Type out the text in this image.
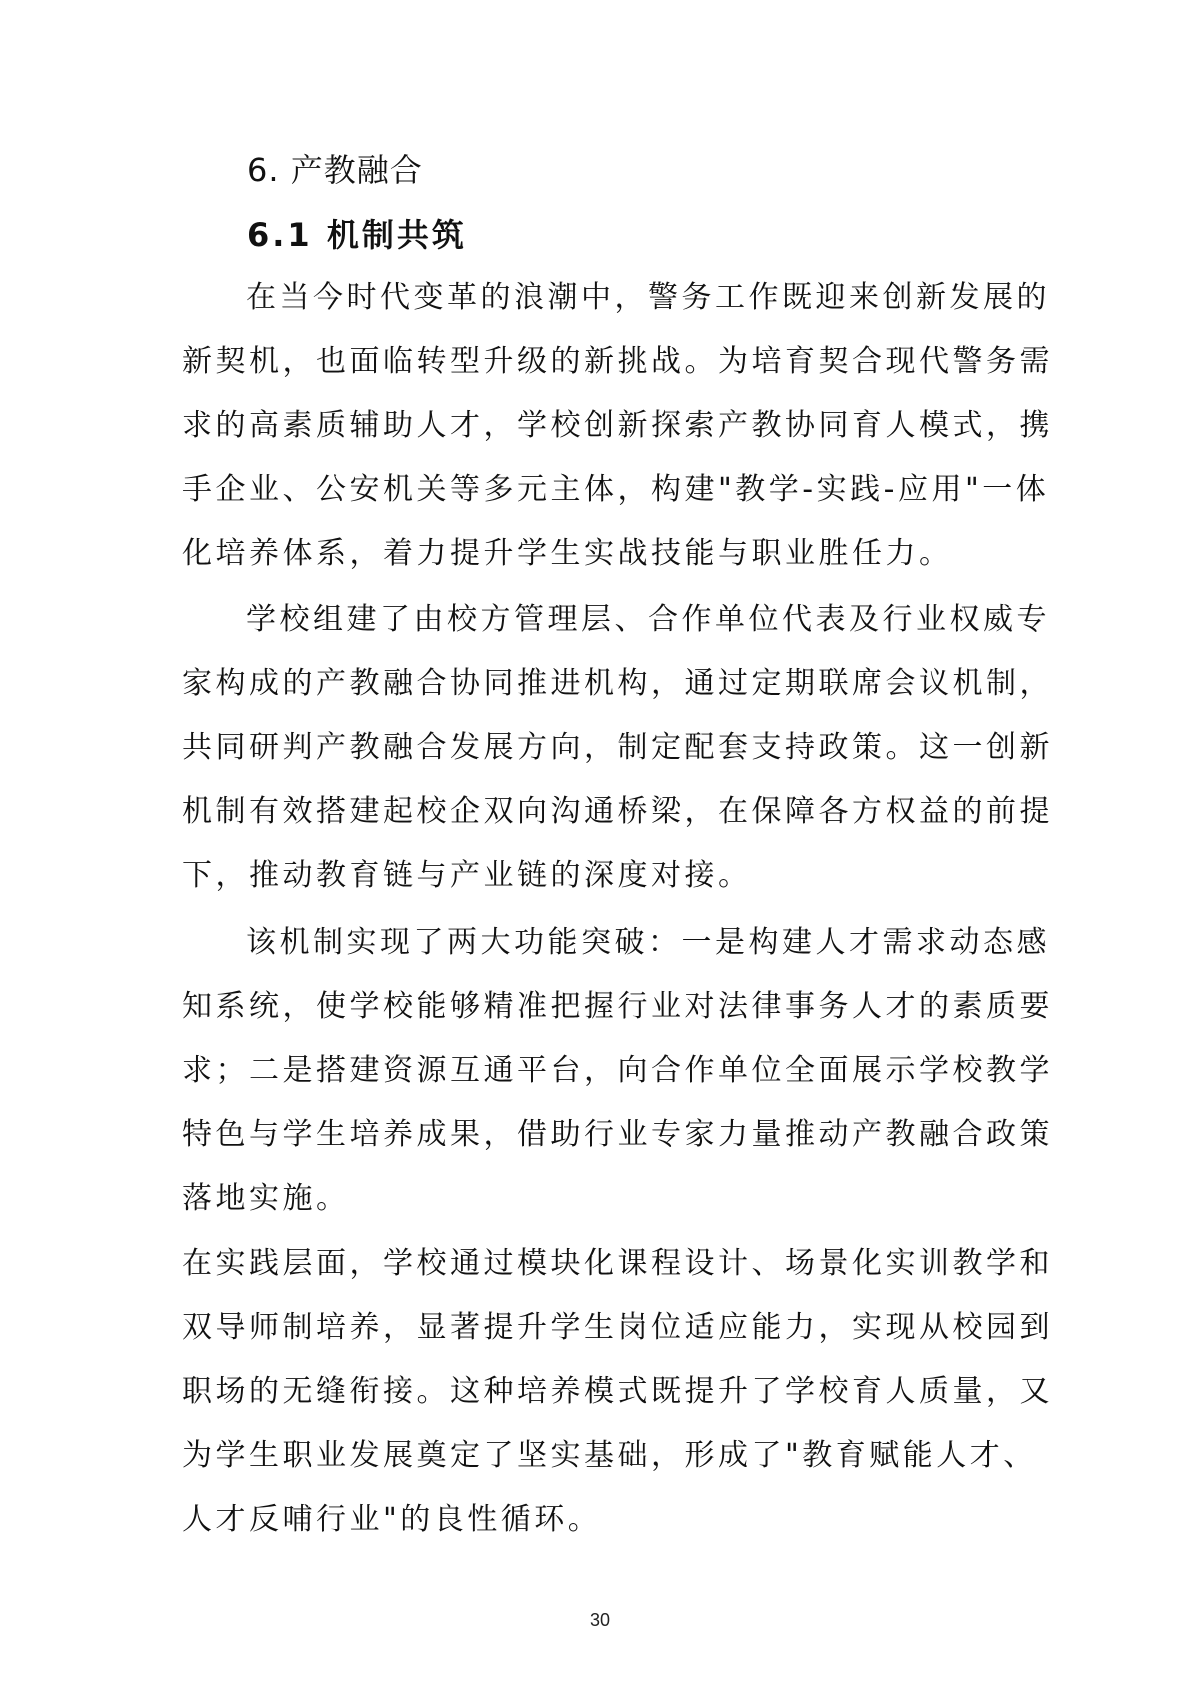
6. 产教融合
6.1 机制共筑
在当今时代变革的浪潮中，警务工作既迎来创新发展的
新契机，也面临转型升级的新挑战。为培育契合现代警务需
求的高素质辅助人才，学校创新探索产教协同育人模式，携
手企业、公安机关等多元主体，构建"教学-实践-应用"一体
化培养体系，着力提升学生实战技能与职业胜任力。
学校组建了由校方管理层、合作单位代表及行业权威专
家构成的产教融合协同推进机构，通过定期联席会议机制，
共同研判产教融合发展方向，制定配套支持政策。这一创新
机制有效搭建起校企双向沟通桥梁，在保障各方权益的前提
下，推动教育链与产业链的深度对接。
该机制实现了两大功能突破：一是构建人才需求动态感
知系统，使学校能够精准把握行业对法律事务人才的素质要
求；二是搭建资源互通平台，向合作单位全面展示学校教学
特色与学生培养成果，借助行业专家力量推动产教融合政策
落地实施。
在实践层面，学校通过模块化课程设计、场景化实训教学和
双导师制培养，显著提升学生岗位适应能力，实现从校园到
职场的无缝衔接。这种培养模式既提升了学校育人质量，又
为学生职业发展奠定了坚实基础，形成了"教育赋能人才、
人才反哺行业"的良性循环。
30
